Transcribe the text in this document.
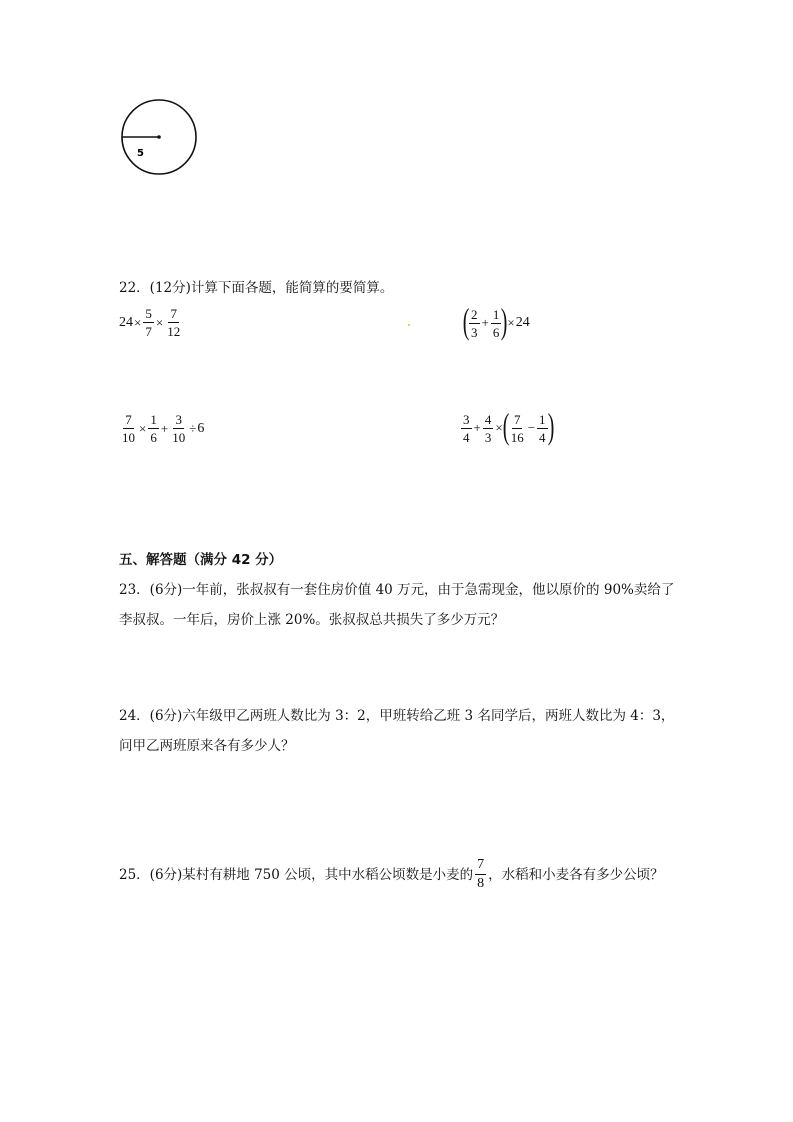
5
22．(12分)计算下面各题，能简算的要简算。
$24 \times \frac{5}{7} \times \frac{7}{12}$	( $\frac{2}{3} + \frac{1}{6}$ ) × 24
$\frac{7}{10} \times \frac{1}{6} + \frac{3}{10} \div 6$	$\frac{3}{4} + \frac{4}{3}$ × ( $\frac{7}{16} - \frac{1}{4}$ )
五、解答题（满分 42 分）
23．(6分)一年前，张叔叔有一套住房价值 40 万元，由于急需现金，他以原价的 90%卖给了
李叔叔。一年后，房价上涨 20%。张叔叔总共损失了多少万元？
24．(6分)六年级甲乙两班人数比为 3：2，甲班转给乙班 3 名同学后，两班人数比为 4：3，
问甲乙两班原来各有多少人？
25．(6分)某村有耕地 750 公顷，其中水稻公顷数是小麦的 $\frac{7}{8}$ ，水稻和小麦各有多少公顷？
